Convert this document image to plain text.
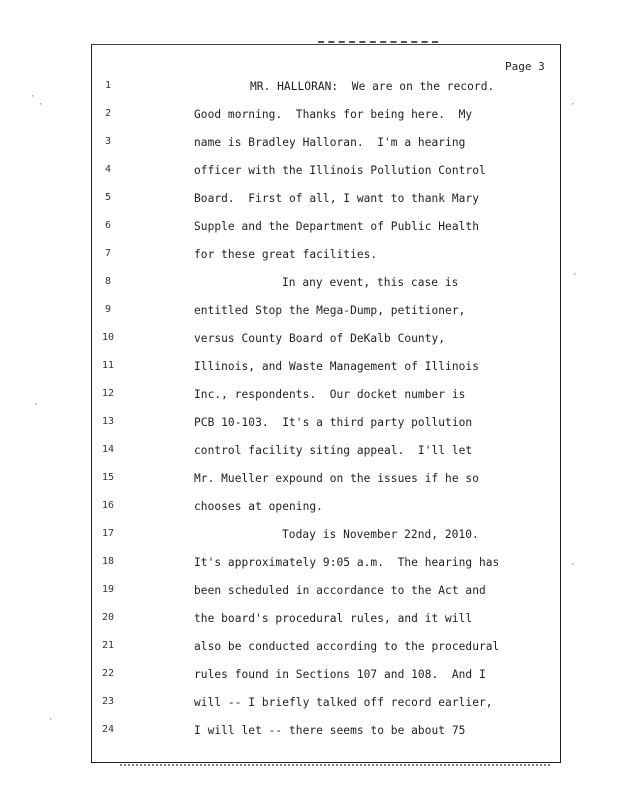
Page 3
1
2
3
4
5
6
7
8
9
10
11
12
13
14
15
16
17
18
19
20
21
22
23
24
MR. HALLORAN:  We are on the record.
Good morning.  Thanks for being here.  My
name is Bradley Halloran.  I'm a hearing
officer with the Illinois Pollution Control
Board.  First of all, I want to thank Mary
Supple and the Department of Public Health
for these great facilities.
In any event, this case is
entitled Stop the Mega-Dump, petitioner,
versus County Board of DeKalb County,
Illinois, and Waste Management of Illinois
Inc., respondents.  Our docket number is
PCB 10-103.  It's a third party pollution
control facility siting appeal.  I'll let
Mr. Mueller expound on the issues if he so
chooses at opening.
Today is November 22nd, 2010.
It's approximately 9:05 a.m.  The hearing has
been scheduled in accordance to the Act and
the board's procedural rules, and it will
also be conducted according to the procedural
rules found in Sections 107 and 108.  And I
will -- I briefly talked off record earlier,
I will let -- there seems to be about 75
·
·
·
·
·
·
·
